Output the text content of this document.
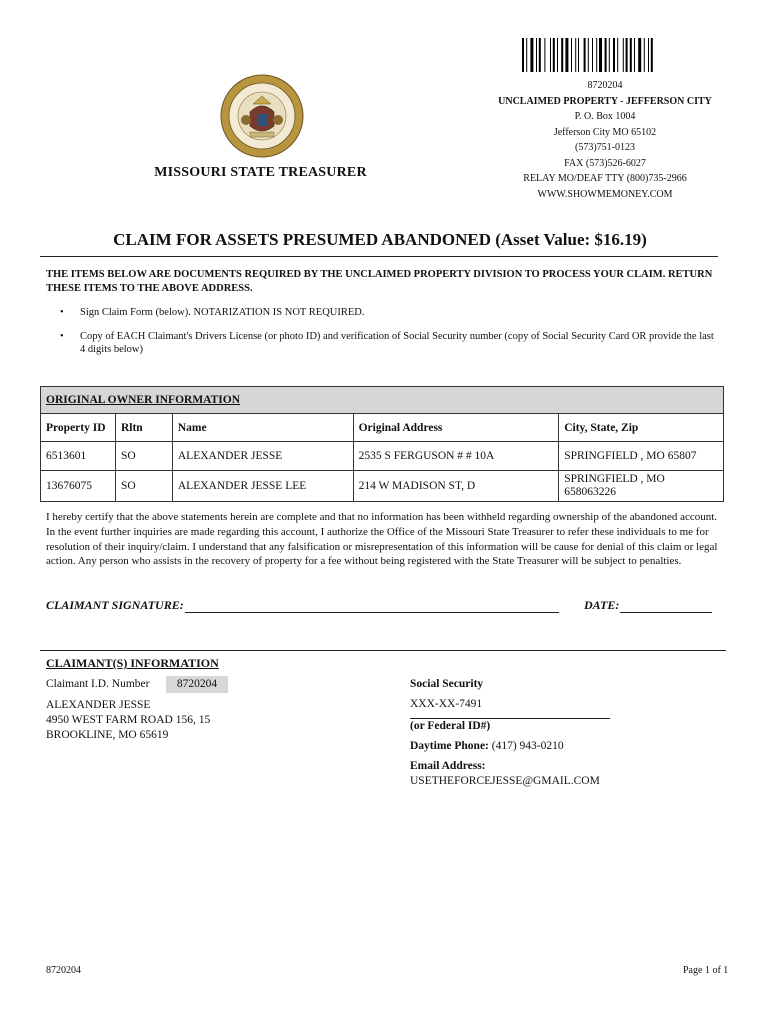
8720204
UNCLAIMED PROPERTY - JEFFERSON CITY
P. O. Box 1004
Jefferson City MO 65102
(573)751-0123
FAX (573)526-6027
RELAY MO/DEAF TTY (800)735-2966
WWW.SHOWMEMONEY.COM
MISSOURI STATE TREASURER
CLAIM FOR ASSETS PRESUMED ABANDONED (Asset Value: $16.19)
THE ITEMS BELOW ARE DOCUMENTS REQUIRED BY THE UNCLAIMED PROPERTY DIVISION TO PROCESS YOUR CLAIM. RETURN THESE ITEMS TO THE ABOVE ADDRESS.
• Sign Claim Form (below). NOTARIZATION IS NOT REQUIRED.
• Copy of EACH Claimant's Drivers License (or photo ID) and verification of Social Security number (copy of Social Security Card OR provide the last 4 digits below)
ORIGINAL OWNER INFORMATION				
Property ID	Rltn	Name	Original Address	City, State, Zip
6513601	SO	ALEXANDER JESSE	2535 S FERGUSON # # 10A	SPRINGFIELD , MO 65807
13676075	SO	ALEXANDER JESSE LEE	214 W MADISON ST, D	SPRINGFIELD , MO 658063226
I hereby certify that the above statements herein are complete and that no information has been withheld regarding ownership of the abandoned account. In the event further inquiries are made regarding this account, I authorize the Office of the Missouri State Treasurer to refer these individuals to me for resolution of their inquiry/claim. I understand that any falsification or misrepresentation of this information will be cause for denial of this claim or legal action. Any person who assists in the recovery of property for a fee without being registered with the State Treasurer will be subject to penalties.
CLAIMANT SIGNATURE:	DATE:
CLAIMANT(S) INFORMATION
Claimant I.D. Number	8720204
ALEXANDER JESSE
4950 WEST FARM ROAD 156, 15
BROOKLINE, MO 65619
Social Security
XXX-XX-7491
(or Federal ID#)
Daytime Phone: (417) 943-0210
Email Address:
USETHEFORCEJESSE@GMAIL.COM
8720204	Page 1 of 1
